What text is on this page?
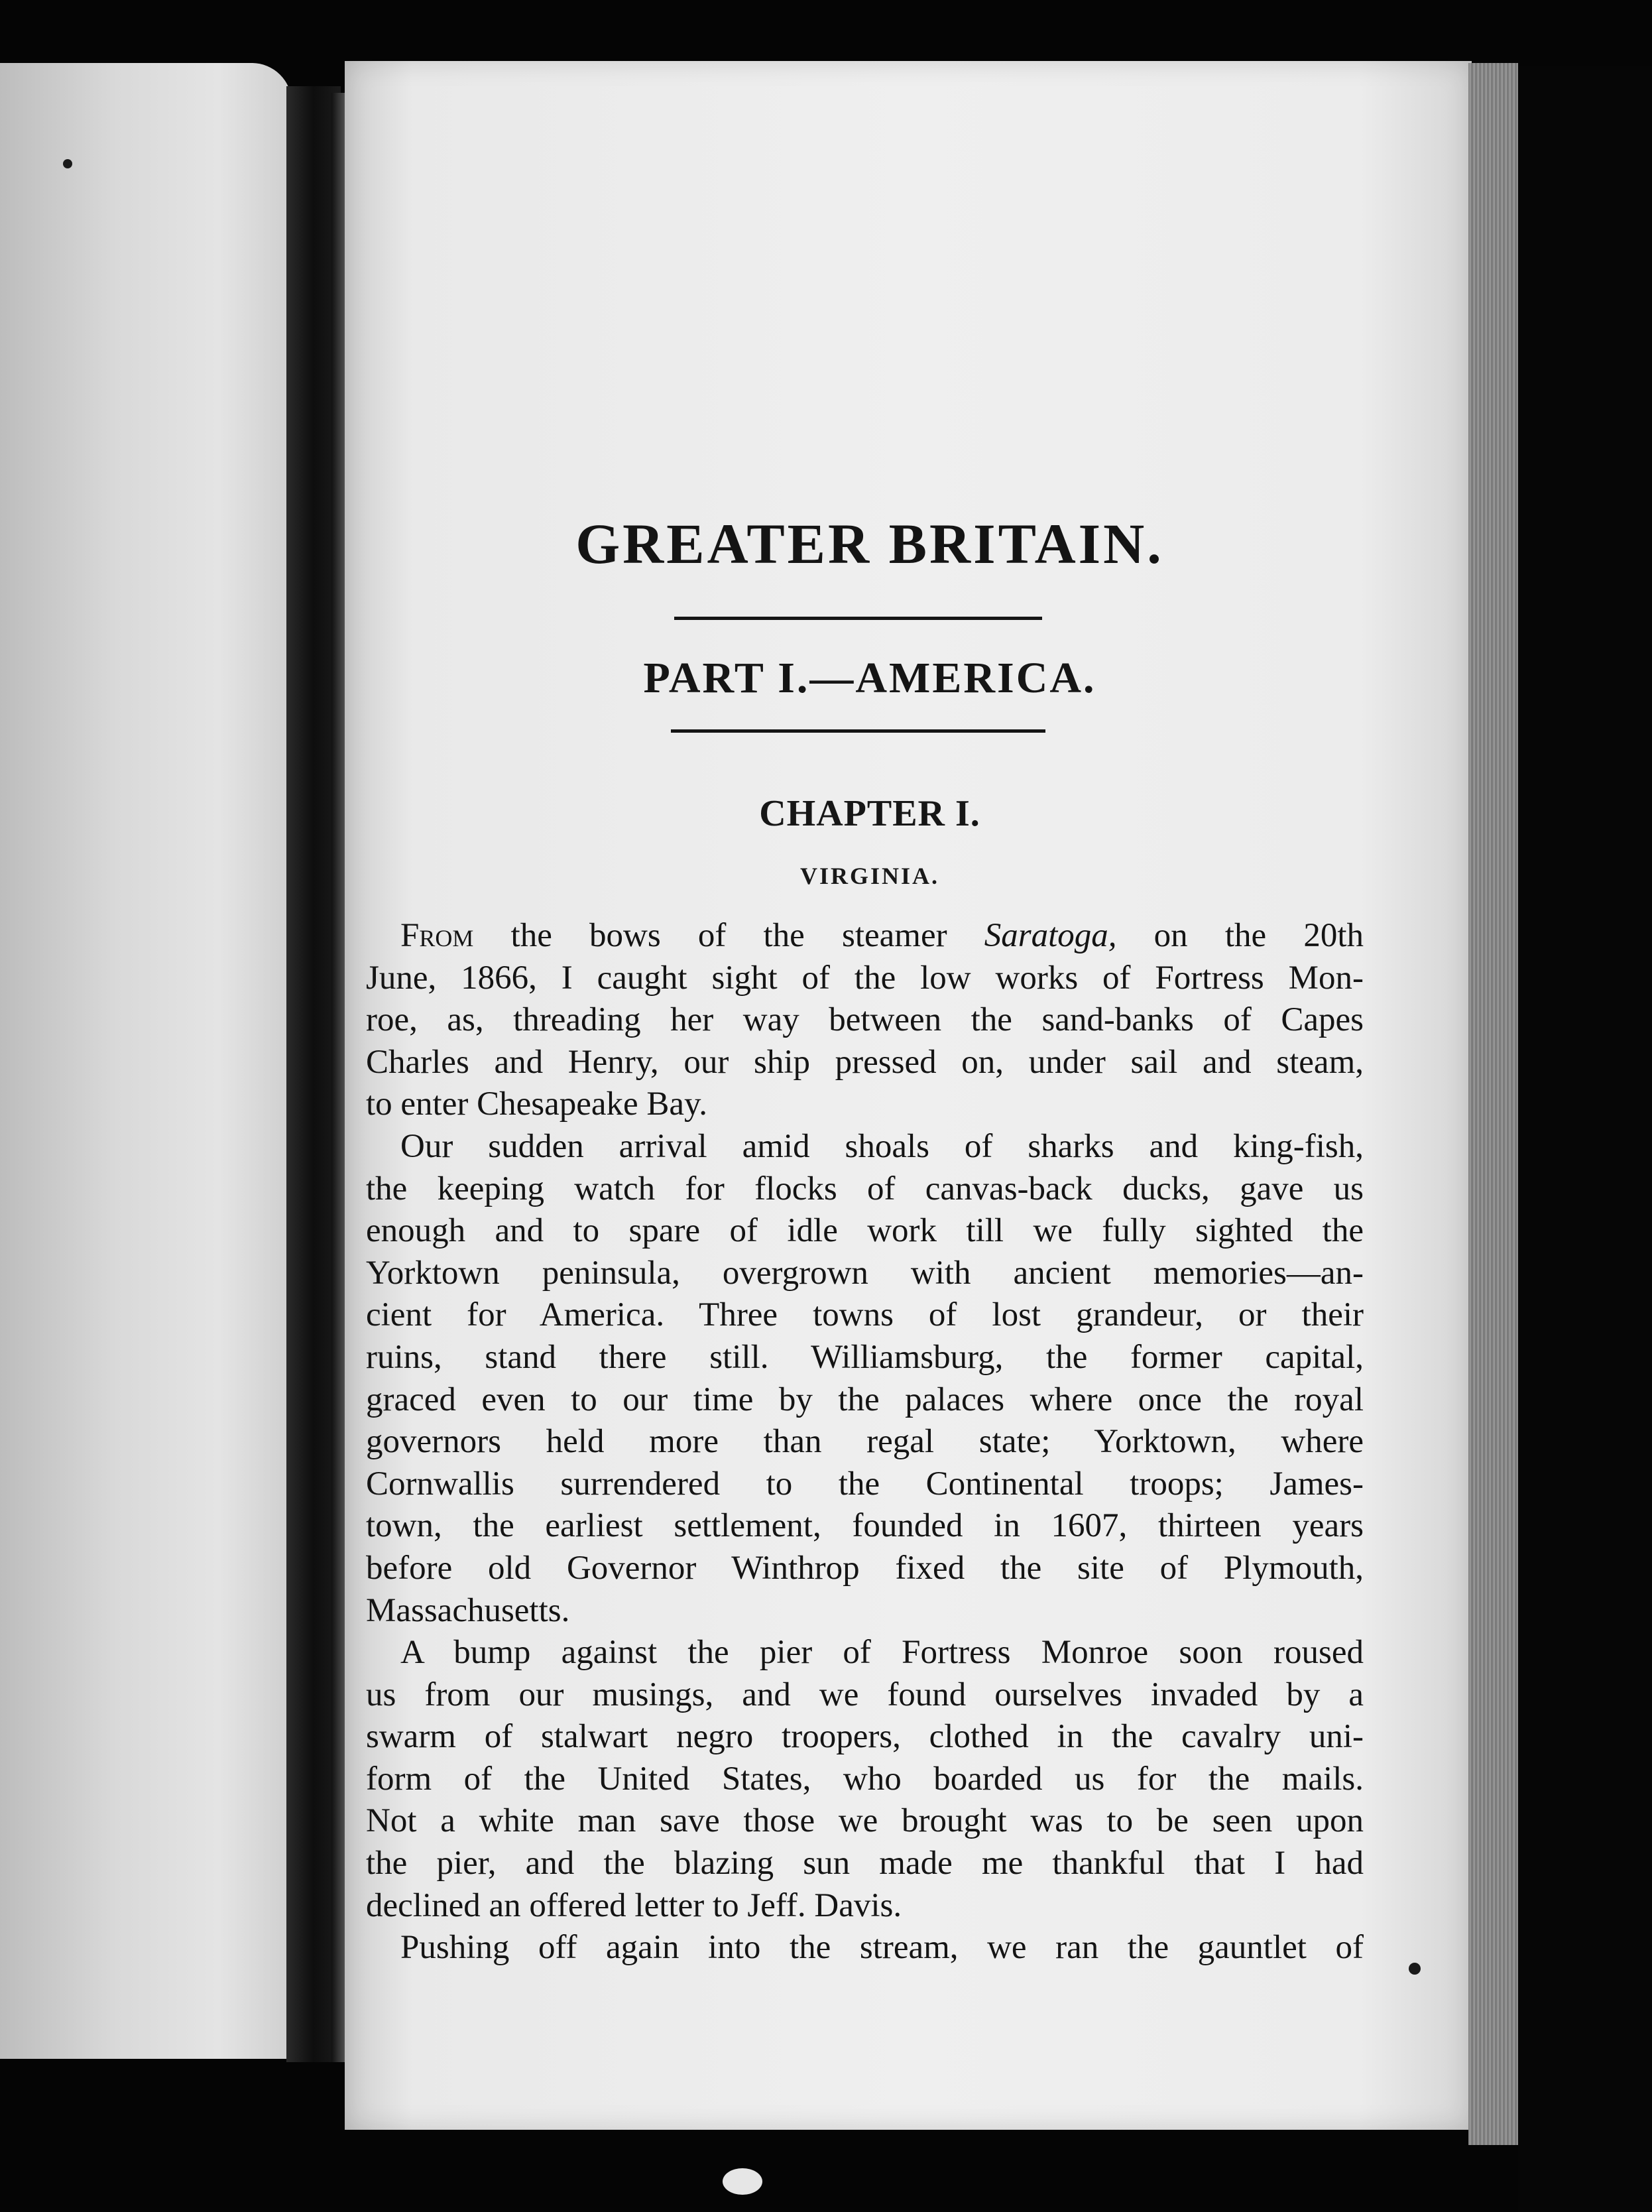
GREATER BRITAIN.
PART I.—AMERICA.
CHAPTER I.
VIRGINIA.
From the bows of the steamer Saratoga, on the 20th
June, 1866, I caught sight of the low works of Fortress Mon-
roe, as, threading her way between the sand-banks of Capes
Charles and Henry, our ship pressed on, under sail and steam,
to enter Chesapeake Bay.
Our sudden arrival amid shoals of sharks and king-fish,
the keeping watch for flocks of canvas-back ducks, gave us
enough and to spare of idle work till we fully sighted the
Yorktown peninsula, overgrown with ancient memories—an-
cient for America. Three towns of lost grandeur, or their
ruins, stand there still. Williamsburg, the former capital,
graced even to our time by the palaces where once the royal
governors held more than regal state; Yorktown, where
Cornwallis surrendered to the Continental troops; James-
town, the earliest settlement, founded in 1607, thirteen years
before old Governor Winthrop fixed the site of Plymouth,
Massachusetts.
A bump against the pier of Fortress Monroe soon roused
us from our musings, and we found ourselves invaded by a
swarm of stalwart negro troopers, clothed in the cavalry uni-
form of the United States, who boarded us for the mails.
Not a white man save those we brought was to be seen upon
the pier, and the blazing sun made me thankful that I had
declined an offered letter to Jeff. Davis.
Pushing off again into the stream, we ran the gauntlet of
